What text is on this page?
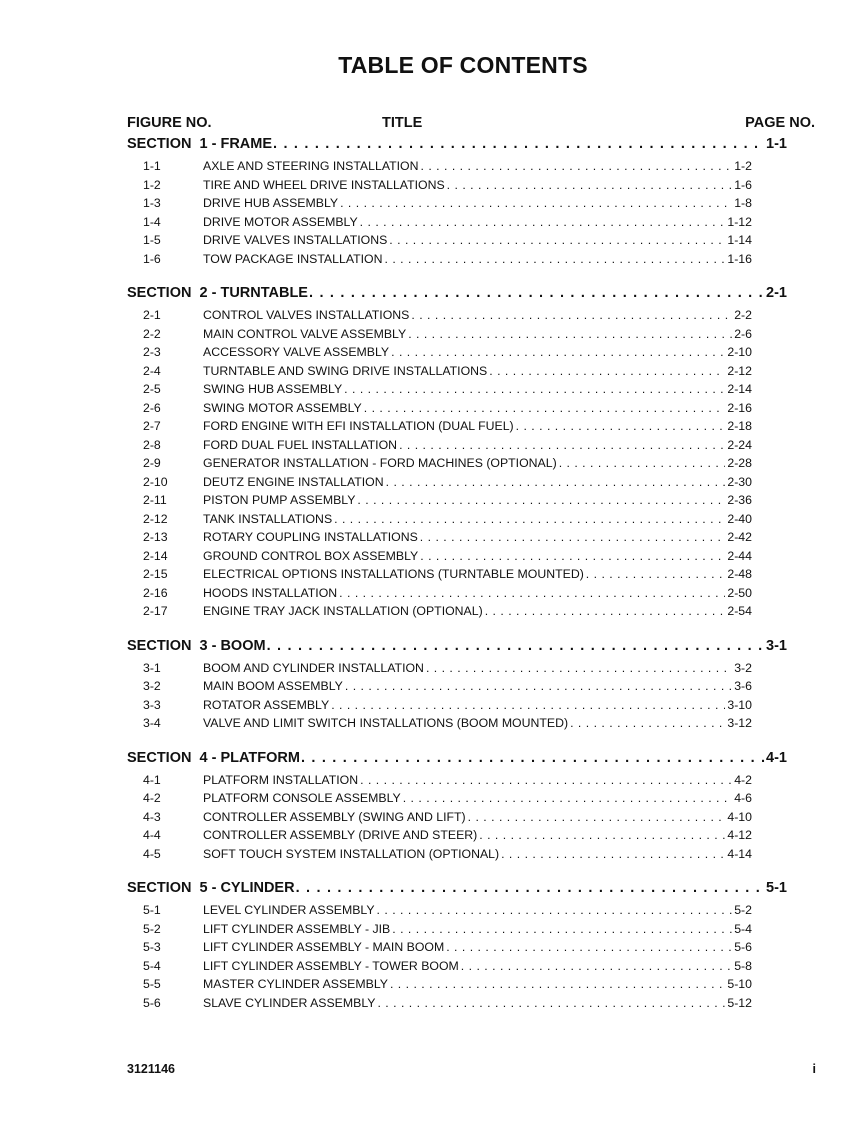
TABLE OF CONTENTS
FIGURE NO.	TITLE	PAGE NO.
SECTION  1 - FRAME . . .	1-1
1-1	AXLE AND STEERING INSTALLATION . . .	1-2
1-2	TIRE AND WHEEL DRIVE INSTALLATIONS . . .	1-6
1-3	DRIVE HUB ASSEMBLY . . .	1-8
1-4	DRIVE MOTOR ASSEMBLY . . .	1-12
1-5	DRIVE VALVES INSTALLATIONS . . .	1-14
1-6	TOW PACKAGE INSTALLATION . . .	1-16
SECTION  2 - TURNTABLE . . .	2-1
2-1	CONTROL VALVES INSTALLATIONS . . .	2-2
2-2	MAIN CONTROL VALVE ASSEMBLY . . .	2-6
2-3	ACCESSORY VALVE ASSEMBLY . . .	2-10
2-4	TURNTABLE AND SWING DRIVE INSTALLATIONS . . .	2-12
2-5	SWING HUB ASSEMBLY . . .	2-14
2-6	SWING MOTOR ASSEMBLY . . .	2-16
2-7	FORD ENGINE WITH EFI INSTALLATION (DUAL FUEL) . . .	2-18
2-8	FORD DUAL FUEL INSTALLATION . . .	2-24
2-9	GENERATOR INSTALLATION - FORD MACHINES (OPTIONAL) . . .	2-28
2-10	DEUTZ ENGINE INSTALLATION . . .	2-30
2-11	PISTON PUMP ASSEMBLY . . .	2-36
2-12	TANK INSTALLATIONS . . .	2-40
2-13	ROTARY COUPLING INSTALLATIONS . . .	2-42
2-14	GROUND CONTROL BOX ASSEMBLY . . .	2-44
2-15	ELECTRICAL OPTIONS INSTALLATIONS (TURNTABLE MOUNTED) . . .	2-48
2-16	HOODS INSTALLATION . . .	2-50
2-17	ENGINE TRAY JACK INSTALLATION (OPTIONAL) . . .	2-54
SECTION  3 - BOOM . . .	3-1
3-1	BOOM AND CYLINDER INSTALLATION . . .	3-2
3-2	MAIN BOOM ASSEMBLY . . .	3-6
3-3	ROTATOR ASSEMBLY . . .	3-10
3-4	VALVE AND LIMIT SWITCH INSTALLATIONS (BOOM MOUNTED) . . .	3-12
SECTION  4 - PLATFORM . . .	4-1
4-1	PLATFORM INSTALLATION . . .	4-2
4-2	PLATFORM CONSOLE ASSEMBLY . . .	4-6
4-3	CONTROLLER ASSEMBLY (SWING AND LIFT) . . .	4-10
4-4	CONTROLLER ASSEMBLY (DRIVE AND STEER) . . .	4-12
4-5	SOFT TOUCH SYSTEM INSTALLATION (OPTIONAL) . . .	4-14
SECTION  5 - CYLINDER . . .	5-1
5-1	LEVEL CYLINDER ASSEMBLY . . .	5-2
5-2	LIFT CYLINDER ASSEMBLY - JIB . . .	5-4
5-3	LIFT CYLINDER ASSEMBLY - MAIN BOOM . . .	5-6
5-4	LIFT CYLINDER ASSEMBLY - TOWER BOOM . . .	5-8
5-5	MASTER CYLINDER ASSEMBLY . . .	5-10
5-6	SLAVE CYLINDER ASSEMBLY . . .	5-12
3121146	i
